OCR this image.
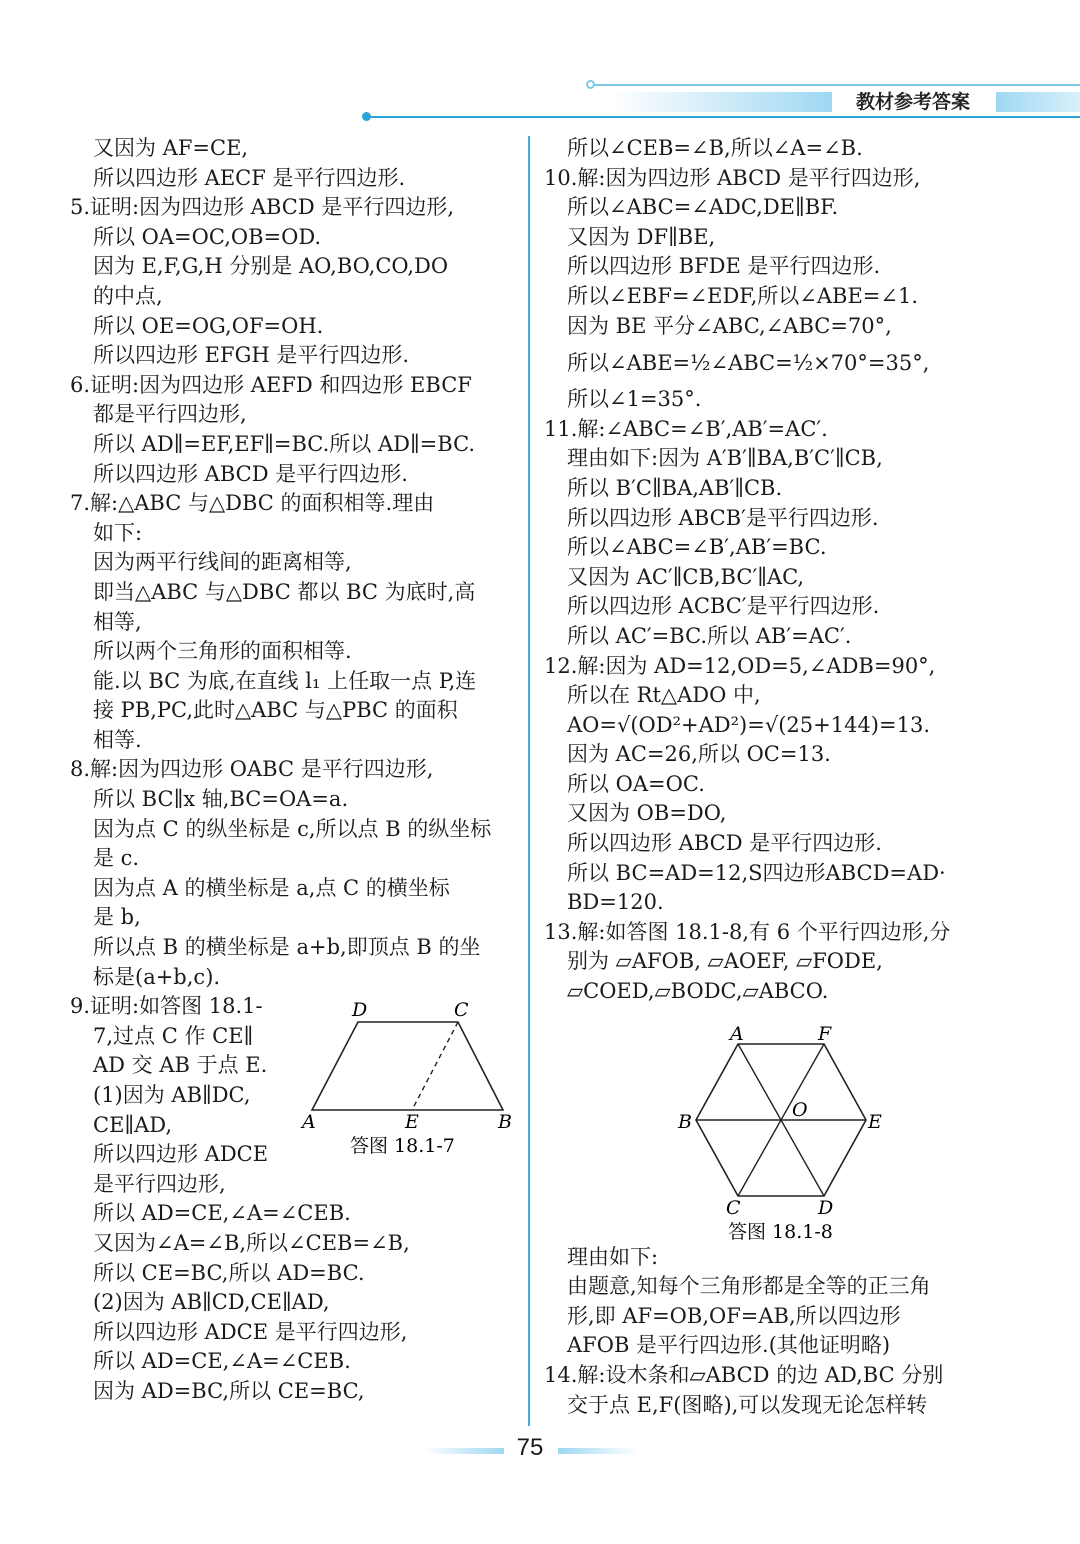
教材参考答案
又因为 AF=CE,
所以四边形 AECF 是平行四边形.
5.证明:因为四边形 ABCD 是平行四边形,
所以 OA=OC,OB=OD.
因为 E,F,G,H 分别是 AO,BO,CO,DO
的中点,
所以 OE=OG,OF=OH.
所以四边形 EFGH 是平行四边形.
6.证明:因为四边形 AEFD 和四边形 EBCF
都是平行四边形,
所以 AD∥=EF,EF∥=BC.所以 AD∥=BC.
所以四边形 ABCD 是平行四边形.
7.解:△ABC 与△DBC 的面积相等.理由
如下:
因为两平行线间的距离相等,
即当△ABC 与△DBC 都以 BC 为底时,高
相等,
所以两个三角形的面积相等.
能.以 BC 为底,在直线 l₁ 上任取一点 P,连
接 PB,PC,此时△ABC 与△PBC 的面积
相等.
8.解:因为四边形 OABC 是平行四边形,
所以 BC∥x 轴,BC=OA=a.
因为点 C 的纵坐标是 c,所以点 B 的纵坐标
是 c.
因为点 A 的横坐标是 a,点 C 的横坐标
是 b,
所以点 B 的横坐标是 a+b,即顶点 B 的坐
标是(a+b,c).
9.证明:如答图 18.1-
7,过点 C 作 CE∥
AD 交 AB 于点 E.
(1)因为 AB∥DC,
CE∥AD,
所以四边形 ADCE
是平行四边形,
所以 AD=CE,∠A=∠CEB.
又因为∠A=∠B,所以∠CEB=∠B,
所以 CE=BC,所以 AD=BC.
(2)因为 AB∥CD,CE∥AD,
所以四边形 ADCE 是平行四边形,
所以 AD=CE,∠A=∠CEB.
因为 AD=BC,所以 CE=BC,
所以∠CEB=∠B,所以∠A=∠B.
10.解:因为四边形 ABCD 是平行四边形,
所以∠ABC=∠ADC,DE∥BF.
又因为 DF∥BE,
所以四边形 BFDE 是平行四边形.
所以∠EBF=∠EDF,所以∠ABE=∠1.
因为 BE 平分∠ABC,∠ABC=70°,
所以∠ABE=½∠ABC=½×70°=35°,
所以∠1=35°.
11.解:∠ABC=∠B′,AB′=AC′.
理由如下:因为 A′B′∥BA,B′C′∥CB,
所以 B′C∥BA,AB′∥CB.
所以四边形 ABCB′是平行四边形.
所以∠ABC=∠B′,AB′=BC.
又因为 AC′∥CB,BC′∥AC,
所以四边形 ACBC′是平行四边形.
所以 AC′=BC.所以 AB′=AC′.
12.解:因为 AD=12,OD=5,∠ADB=90°,
所以在 Rt△ADO 中,
AO=√(OD²+AD²)=√(25+144)=13.
因为 AC=26,所以 OC=13.
所以 OA=OC.
又因为 OB=DO,
所以四边形 ABCD 是平行四边形.
所以 BC=AD=12,S四边形ABCD=AD·
BD=120.
13.解:如答图 18.1-8,有 6 个平行四边形,分
别为 ▱AFOB, ▱AOEF, ▱FODE,
▱COED,▱BODC,▱ABCO.
理由如下:
由题意,知每个三角形都是全等的正三角
形,即 AF=OB,OF=AB,所以四边形
AFOB 是平行四边形.(其他证明略)
14.解:设木条和▱ABCD 的边 AD,BC 分别
交于点 E,F(图略),可以发现无论怎样转
D	C
A	E	B
答图 18.1-7
A	F
B
O
E
C	D
答图 18.1-8
75
